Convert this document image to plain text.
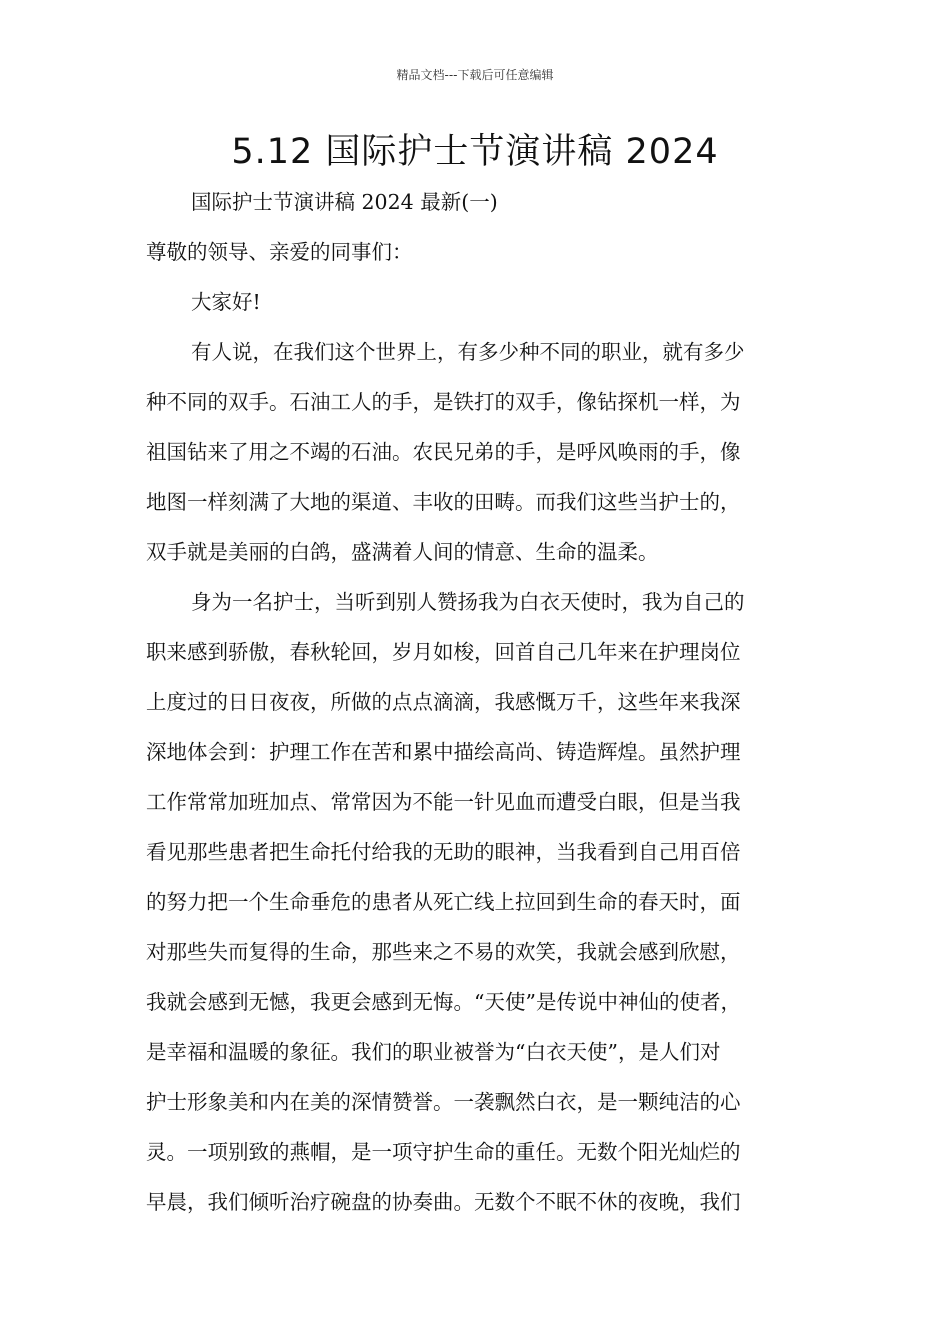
精品文档---下载后可任意编辑
5.12 国际护士节演讲稿 2024
国际护士节演讲稿 2024 最新(一)
尊敬的领导、亲爱的同事们：
大家好!
有人说，在我们这个世界上，有多少种不同的职业，就有多少
种不同的双手。石油工人的手，是铁打的双手，像钻探机一样，为
祖国钻来了用之不竭的石油。农民兄弟的手，是呼风唤雨的手，像
地图一样刻满了大地的渠道、丰收的田畴。而我们这些当护士的，
双手就是美丽的白鸽，盛满着人间的情意、生命的温柔。
身为一名护士，当听到别人赞扬我为白衣天使时，我为自己的
职来感到骄傲，春秋轮回，岁月如梭，回首自己几年来在护理岗位
上度过的日日夜夜，所做的点点滴滴，我感慨万千，这些年来我深
深地体会到：护理工作在苦和累中描绘高尚、铸造辉煌。虽然护理
工作常常加班加点、常常因为不能一针见血而遭受白眼，但是当我
看见那些患者把生命托付给我的无助的眼神，当我看到自己用百倍
的努力把一个生命垂危的患者从死亡线上拉回到生命的春天时，面
对那些失而复得的生命，那些来之不易的欢笑，我就会感到欣慰，
我就会感到无憾，我更会感到无悔。“天使”是传说中神仙的使者，
是幸福和温暖的象征。我们的职业被誉为“白衣天使”，是人们对
护士形象美和内在美的深情赞誉。一袭飘然白衣，是一颗纯洁的心
灵。一项别致的燕帽，是一项守护生命的重任。无数个阳光灿烂的
早晨，我们倾听治疗碗盘的协奏曲。无数个不眠不休的夜晚，我们
